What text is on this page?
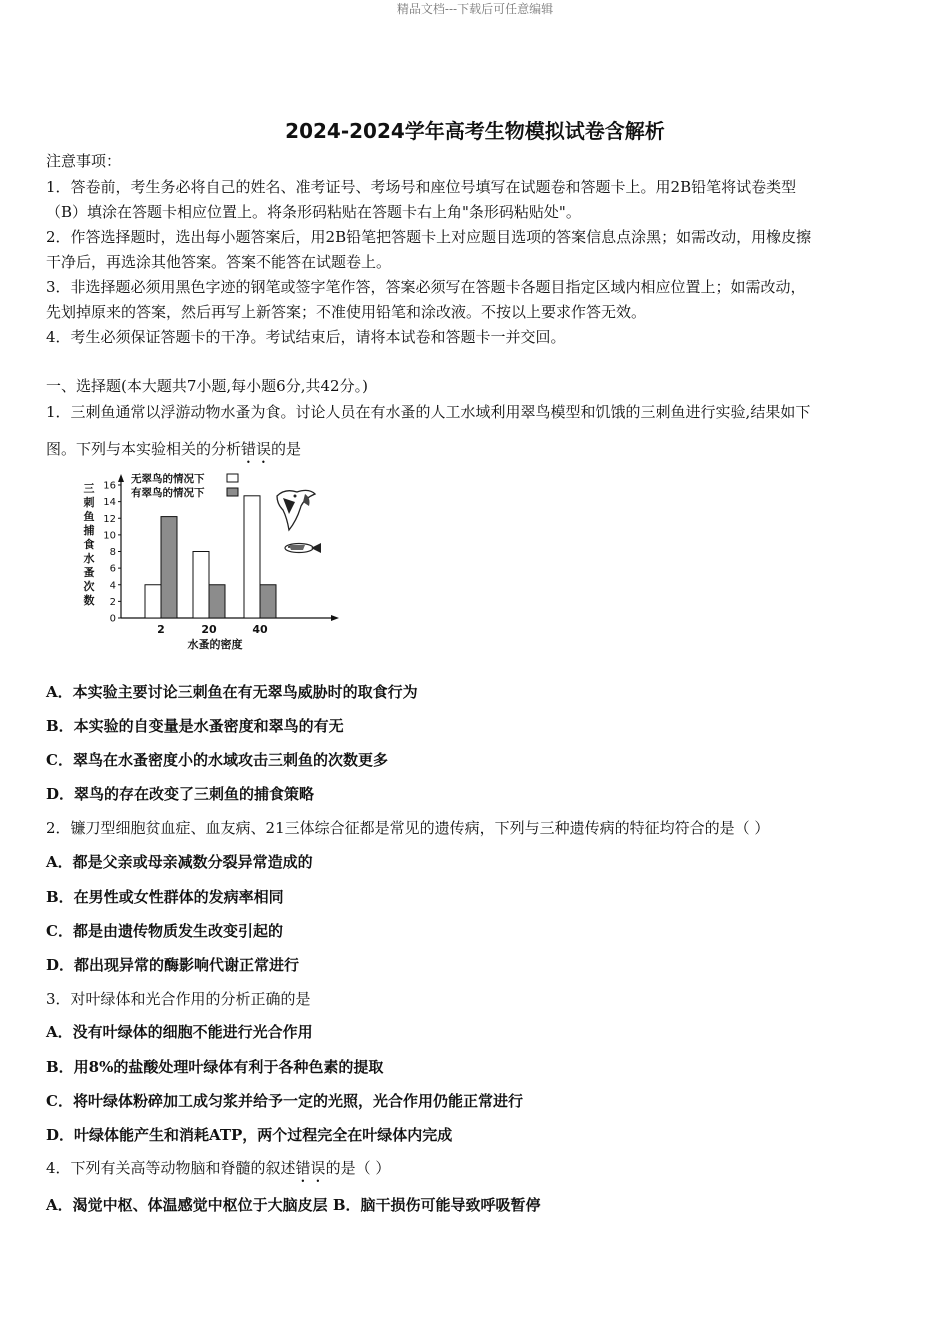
精品文档---下载后可任意编辑
2024-2024学年高考生物模拟试卷含解析
注意事项：
1．答卷前，考生务必将自己的姓名、准考证号、考场号和座位号填写在试题卷和答题卡上。用2B铅笔将试卷类型
（B）填涂在答题卡相应位置上。将条形码粘贴在答题卡右上角"条形码粘贴处"。
2．作答选择题时，选出每小题答案后，用2B铅笔把答题卡上对应题目选项的答案信息点涂黑；如需改动，用橡皮擦
干净后，再选涂其他答案。答案不能答在试题卷上。
3．非选择题必须用黑色字迹的钢笔或签字笔作答，答案必须写在答题卡各题目指定区域内相应位置上；如需改动，
先划掉原来的答案，然后再写上新答案；不准使用铅笔和涂改液。不按以上要求作答无效。
4．考生必须保证答题卡的干净。考试结束后，请将本试卷和答题卡一并交回。
一、选择题(本大题共7小题,每小题6分,共42分。)
1．三刺鱼通常以浮游动物水蚤为食。讨论人员在有水蚤的人工水域利用翠鸟模型和饥饿的三刺鱼进行实验,结果如下
图。下列与本实验相关的分析错误的是
0
2
4
6
8
10
12
14
16
三
刺
鱼
捕
食
水
蚤
次
数
2	20	40
水蚤的密度
无翠鸟的情况下
有翠鸟的情况下
A．本实验主要讨论三刺鱼在有无翠鸟威胁时的取食行为
B．本实验的自变量是水蚤密度和翠鸟的有无
C．翠鸟在水蚤密度小的水域攻击三刺鱼的次数更多
D．翠鸟的存在改变了三刺鱼的捕食策略
2．镰刀型细胞贫血症、血友病、21三体综合征都是常见的遗传病，下列与三种遗传病的特征均符合的是（ ）
A．都是父亲或母亲减数分裂异常造成的
B．在男性或女性群体的发病率相同
C．都是由遗传物质发生改变引起的
D．都出现异常的酶影响代谢正常进行
3．对叶绿体和光合作用的分析正确的是
A．没有叶绿体的细胞不能进行光合作用
B．用8%的盐酸处理叶绿体有利于各种色素的提取
C．将叶绿体粉碎加工成匀浆并给予一定的光照，光合作用仍能正常进行
D．叶绿体能产生和消耗ATP，两个过程完全在叶绿体内完成
4．下列有关高等动物脑和脊髓的叙述错误的是（ ）
A．渴觉中枢、体温感觉中枢位于大脑皮层 B．脑干损伤可能导致呼吸暂停
